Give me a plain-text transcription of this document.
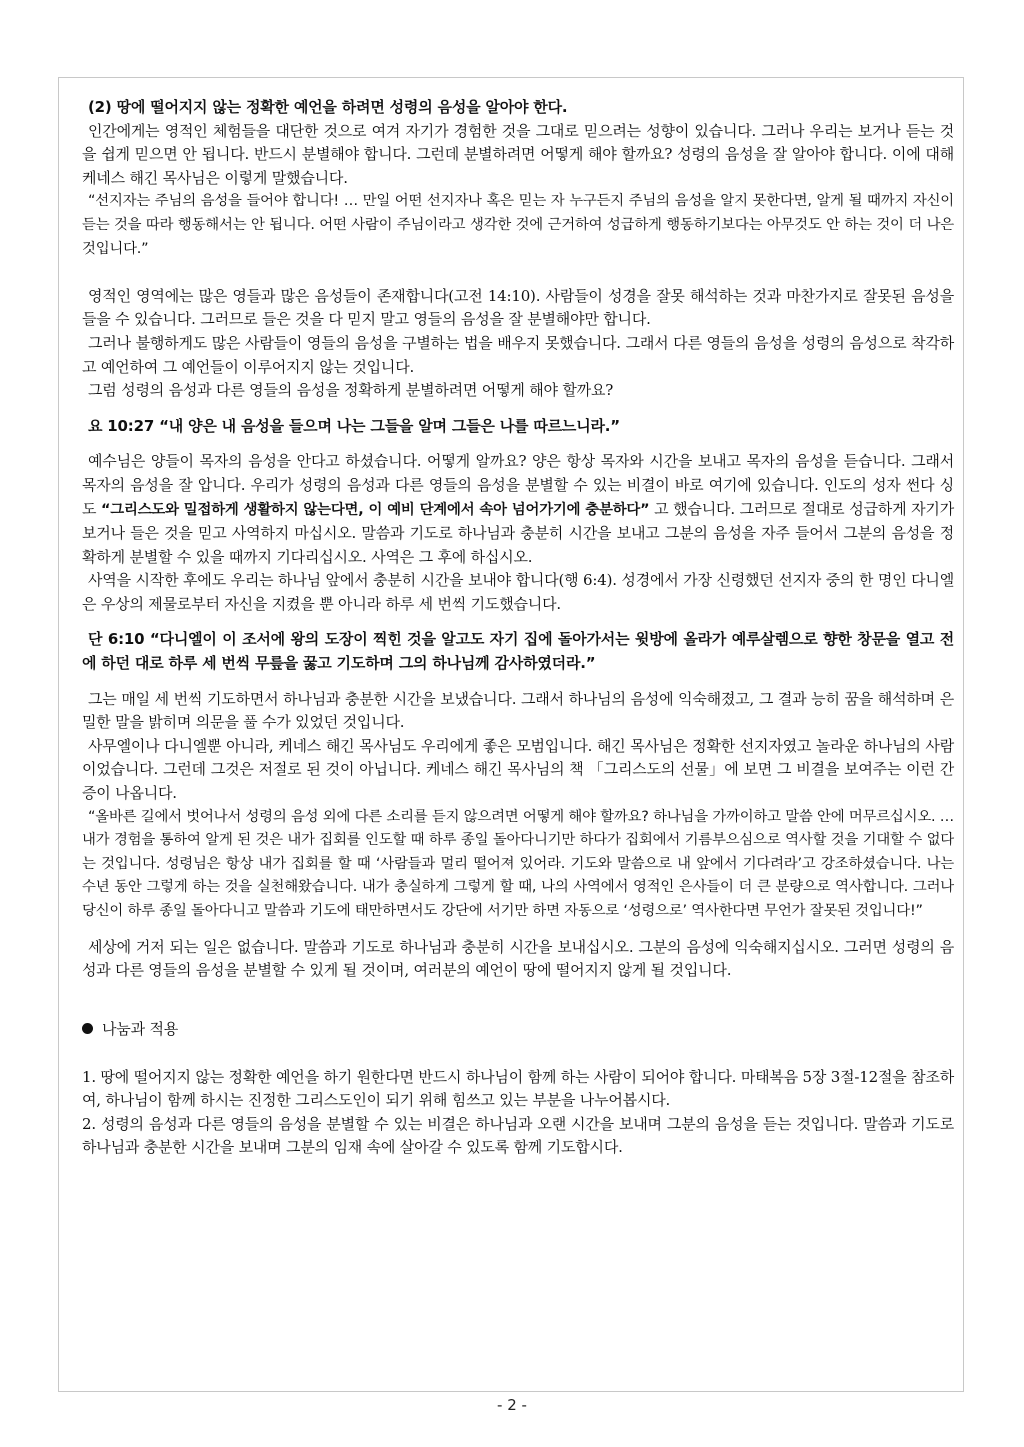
(2) 땅에 떨어지지 않는 정확한 예언을 하려면 성령의 음성을 알아야 한다.

인간에게는 영적인 체험들을 대단한 것으로 여겨 자기가 경험한 것을 그대로 믿으려는 성향이 있습니다. 그러나 우리는 보거나 듣는 것을 쉽게 믿으면 안 됩니다. 반드시 분별해야 합니다. 그런데 분별하려면 어떻게 해야 할까요? 성령의 음성을 잘 알아야 합니다. 이에 대해 케네스 해긴 목사님은 이렇게 말했습니다.

“선지자는 주님의 음성을 들어야 합니다! … 만일 어떤 선지자나 혹은 믿는 자 누구든지 주님의 음성을 알지 못한다면, 알게 될 때까지 자신이 듣는 것을 따라 행동해서는 안 됩니다. 어떤 사람이 주님이라고 생각한 것에 근거하여 성급하게 행동하기보다는 아무것도 안 하는 것이 더 나은 것입니다.”

영적인 영역에는 많은 영들과 많은 음성들이 존재합니다(고전 14:10). 사람들이 성경을 잘못 해석하는 것과 마찬가지로 잘못된 음성을 들을 수 있습니다. 그러므로 들은 것을 다 믿지 말고 영들의 음성을 잘 분별해야만 합니다.

그러나 불행하게도 많은 사람들이 영들의 음성을 구별하는 법을 배우지 못했습니다. 그래서 다른 영들의 음성을 성령의 음성으로 착각하고 예언하여 그 예언들이 이루어지지 않는 것입니다.

그럼 성령의 음성과 다른 영들의 음성을 정확하게 분별하려면 어떻게 해야 할까요?

요 10:27 “내 양은 내 음성을 들으며 나는 그들을 알며 그들은 나를 따르느니라.”

예수님은 양들이 목자의 음성을 안다고 하셨습니다. 어떻게 알까요? 양은 항상 목자와 시간을 보내고 목자의 음성을 듣습니다. 그래서 목자의 음성을 잘 압니다. 우리가 성령의 음성과 다른 영들의 음성을 분별할 수 있는 비결이 바로 여기에 있습니다. 인도의 성자 썬다 싱도 “그리스도와 밀접하게 생활하지 않는다면, 이 예비 단계에서 속아 넘어가기에 충분하다” 고 했습니다. 그러므로 절대로 성급하게 자기가 보거나 들은 것을 믿고 사역하지 마십시오. 말씀과 기도로 하나님과 충분히 시간을 보내고 그분의 음성을 자주 들어서 그분의 음성을 정확하게 분별할 수 있을 때까지 기다리십시오. 사역은 그 후에 하십시오.

사역을 시작한 후에도 우리는 하나님 앞에서 충분히 시간을 보내야 합니다(행 6:4). 성경에서 가장 신령했던 선지자 중의 한 명인 다니엘은 우상의 제물로부터 자신을 지켰을 뿐 아니라 하루 세 번씩 기도했습니다.

단 6:10 “다니엘이 이 조서에 왕의 도장이 찍힌 것을 알고도 자기 집에 돌아가서는 윗방에 올라가 예루살렘으로 향한 창문을 열고 전에 하던 대로 하루 세 번씩 무릎을 꿇고 기도하며 그의 하나님께 감사하였더라.”

그는 매일 세 번씩 기도하면서 하나님과 충분한 시간을 보냈습니다. 그래서 하나님의 음성에 익숙해졌고, 그 결과 능히 꿈을 해석하며 은밀한 말을 밝히며 의문을 풀 수가 있었던 것입니다.

사무엘이나 다니엘뿐 아니라, 케네스 해긴 목사님도 우리에게 좋은 모범입니다. 해긴 목사님은 정확한 선지자였고 놀라운 하나님의 사람이었습니다. 그런데 그것은 저절로 된 것이 아닙니다. 케네스 해긴 목사님의 책 「그리스도의 선물」에 보면 그 비결을 보여주는 이런 간증이 나옵니다.

“올바른 길에서 벗어나서 성령의 음성 외에 다른 소리를 듣지 않으려면 어떻게 해야 할까요? 하나님을 가까이하고 말씀 안에 머무르십시오. … 내가 경험을 통하여 알게 된 것은 내가 집회를 인도할 때 하루 종일 돌아다니기만 하다가 집회에서 기름부으심으로 역사할 것을 기대할 수 없다는 것입니다. 성령님은 항상 내가 집회를 할 때 ‘사람들과 멀리 떨어져 있어라. 기도와 말씀으로 내 앞에서 기다려라’고 강조하셨습니다. 나는 수년 동안 그렇게 하는 것을 실천해왔습니다. 내가 충실하게 그렇게 할 때, 나의 사역에서 영적인 은사들이 더 큰 분량으로 역사합니다. 그러나 당신이 하루 종일 돌아다니고 말씀과 기도에 태만하면서도 강단에 서기만 하면 자동으로 ‘성령으로’ 역사한다면 무언가 잘못된 것입니다!”

세상에 거저 되는 일은 없습니다. 말씀과 기도로 하나님과 충분히 시간을 보내십시오. 그분의 음성에 익숙해지십시오. 그러면 성령의 음성과 다른 영들의 음성을 분별할 수 있게 될 것이며, 여러분의 예언이 땅에 떨어지지 않게 될 것입니다.

나눔과 적용

1. 땅에 떨어지지 않는 정확한 예언을 하기 원한다면 반드시 하나님이 함께 하는 사람이 되어야 합니다. 마태복음 5장 3절-12절을 참조하여, 하나님이 함께 하시는 진정한 그리스도인이 되기 위해 힘쓰고 있는 부분을 나누어봅시다.

2. 성령의 음성과 다른 영들의 음성을 분별할 수 있는 비결은 하나님과 오랜 시간을 보내며 그분의 음성을 듣는 것입니다. 말씀과 기도로 하나님과 충분한 시간을 보내며 그분의 임재 속에 살아갈 수 있도록 함께 기도합시다.

- 2 -
